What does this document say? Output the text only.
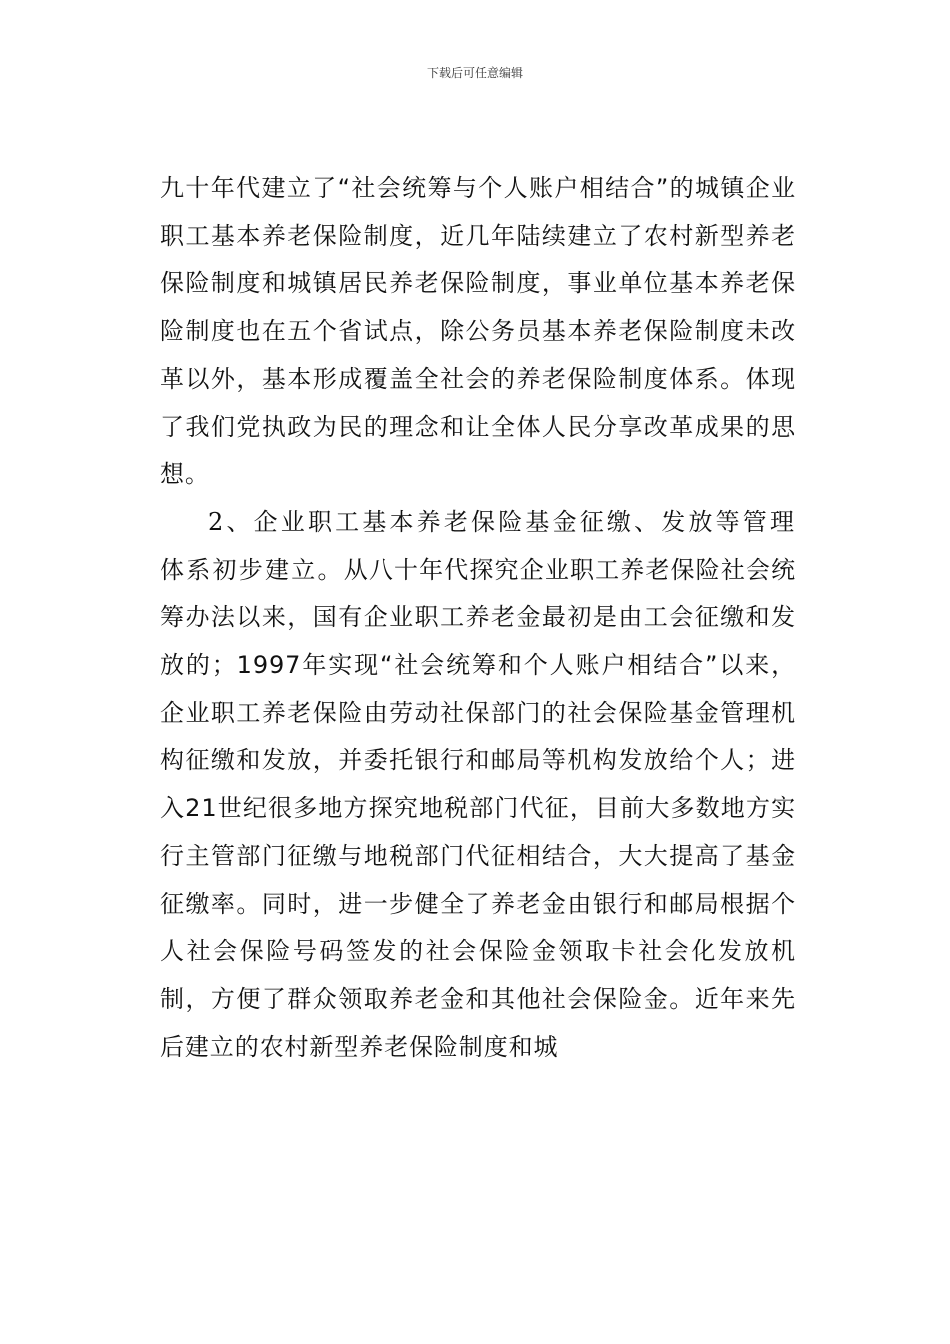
下载后可任意编辑

九十年代建立了“社会统筹与个人账户相结合”的城镇企业职工基本养老保险制度，近几年陆续建立了农村新型养老保险制度和城镇居民养老保险制度，事业单位基本养老保险制度也在五个省试点，除公务员基本养老保险制度未改革以外，基本形成覆盖全社会的养老保险制度体系。体现了我们党执政为民的理念和让全体人民分享改革成果的思想。

2、企业职工基本养老保险基金征缴、发放等管理体系初步建立。从八十年代探究企业职工养老保险社会统筹办法以来，国有企业职工养老金最初是由工会征缴和发放的；1997年实现“社会统筹和个人账户相结合”以来，企业职工养老保险由劳动社保部门的社会保险基金管理机构征缴和发放，并委托银行和邮局等机构发放给个人；进入21世纪很多地方探究地税部门代征，目前大多数地方实行主管部门征缴与地税部门代征相结合，大大提高了基金征缴率。同时，进一步健全了养老金由银行和邮局根据个人社会保险号码签发的社会保险金领取卡社会化发放机制，方便了群众领取养老金和其他社会保险金。近年来先后建立的农村新型养老保险制度和城
